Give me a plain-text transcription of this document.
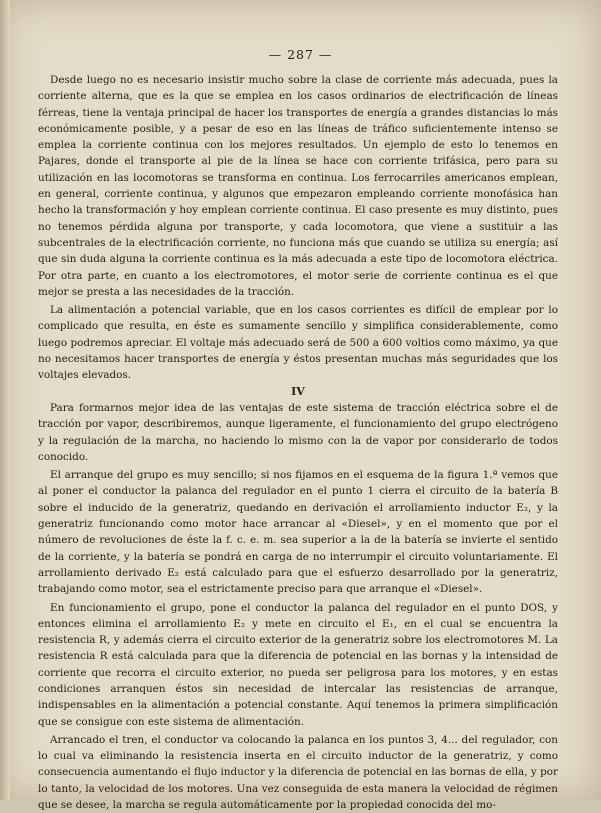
— 287 —

Desde luego no es necesario insistir mucho sobre la clase de corriente más adecuada, pues la corriente alterna, que es la que se emplea en los casos ordinarios de electrificación de líneas férreas, tiene la ventaja principal de hacer los transportes de energía a grandes distancias lo más económicamente posible, y a pesar de eso en las líneas de tráfico suficientemente intenso se emplea la corriente continua con los mejores resultados. Un ejemplo de esto lo tenemos en Pajares, donde el transporte al pie de la línea se hace con corriente trifásica, pero para su utilización en las locomotoras se transforma en continua. Los ferrocarriles americanos emplean, en general, corriente continua, y algunos que empezaron empleando corriente monofásica han hecho la transformación y hoy emplean corriente continua. El caso presente es muy distinto, pues no tenemos pérdida alguna por transporte, y cada locomotora, que viene a sustituir a las subcentrales de la electrificación corriente, no funciona más que cuando se utiliza su energía; así que sin duda alguna la corriente continua es la más adecuada a este tipo de locomotora eléctrica. Por otra parte, en cuanto a los electromotores, el motor serie de corriente continua es el que mejor se presta a las necesidades de la tracción.

La alimentación a potencial variable, que en los casos corrientes es difícil de emplear por lo complicado que resulta, en éste es sumamente sencillo y simplifica considerablemente, como luego podremos apreciar. El voltaje más adecuado será de 500 a 600 voltios como máximo, ya que no necesitamos hacer transportes de energía y éstos presentan muchas más seguridades que los voltajes elevados.

IV

Para formarnos mejor idea de las ventajas de este sistema de tracción eléctrica sobre el de tracción por vapor, describiremos, aunque ligeramente, el funcionamiento del grupo electrógeno y la regulación de la marcha, no haciendo lo mismo con la de vapor por considerarlo de todos conocido.

El arranque del grupo es muy sencillo; si nos fijamos en el esquema de la figura 1.ª vemos que al poner el conductor la palanca del regulador en el punto 1 cierra el circuito de la batería B sobre el inducido de la generatriz, quedando en derivación el arrollamiento inductor E₂, y la generatriz funcionando como motor hace arrancar al «Diesel», y en el momento que por el número de revoluciones de éste la f. c. e. m. sea superior a la de la batería se invierte el sentido de la corriente, y la batería se pondrá en carga de no interrumpir el circuito voluntariamente. El arrollamiento derivado E₂ está calculado para que el esfuerzo desarrollado por la generatriz, trabajando como motor, sea el estrictamente preciso para que arranque el «Diesel».

En funcionamiento el grupo, pone el conductor la palanca del regulador en el punto DOS, y entonces elimina el arrollamiento E₂ y mete en circuito el E₁, en el cual se encuentra la resistencia R, y además cierra el circuito exterior de la generatriz sobre los electromotores M. La resistencia R está calculada para que la diferencia de potencial en las bornas y la intensidad de corriente que recorra el circuito exterior, no pueda ser peligrosa para los motores, y en estas condiciones arranquen éstos sin necesidad de intercalar las resistencias de arranque, indispensables en la alimentación a potencial constante. Aquí tenemos la primera simplificación que se consigue con este sistema de alimentación.

Arrancado el tren, el conductor va colocando la palanca en los puntos 3, 4... del regulador, con lo cual va eliminando la resistencia inserta en el circuito inductor de la generatriz, y como consecuencia aumentando el flujo inductor y la diferencia de potencial en las bornas de ella, y por lo tanto, la velocidad de los motores. Una vez conseguida de esta manera la velocidad de régimen que se desee, la marcha se regula automáticamente por la propiedad conocida del mo-
